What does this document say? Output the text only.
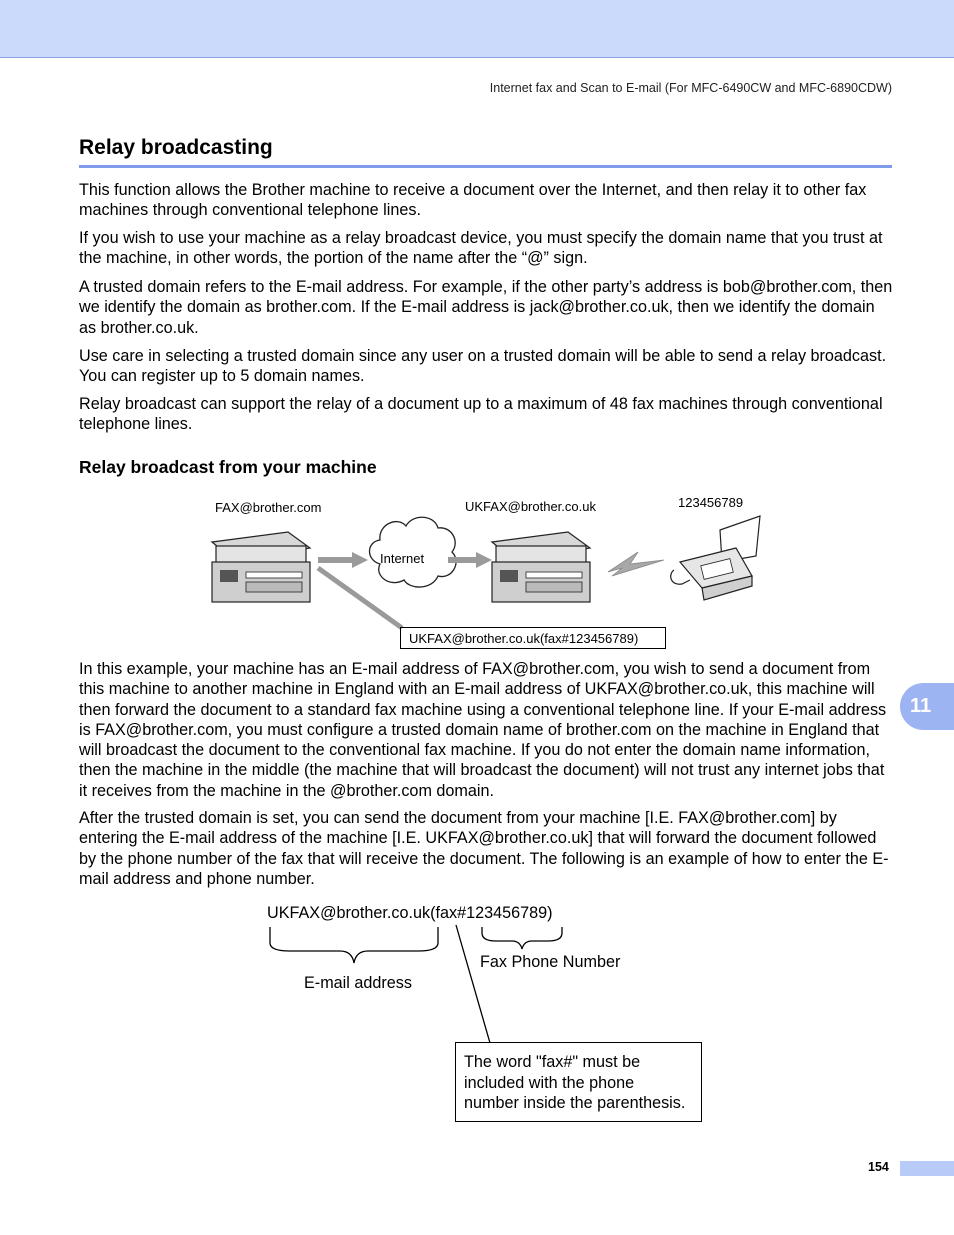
Internet fax and Scan to E-mail (For MFC-6490CW and MFC-6890CDW)
Relay broadcasting

This function allows the Brother machine to receive a document over the Internet, and then relay it to other fax machines through conventional telephone lines.

If you wish to use your machine as a relay broadcast device, you must specify the domain name that you trust at the machine, in other words, the portion of the name after the “@” sign.

A trusted domain refers to the E-mail address. For example, if the other party’s address is bob@brother.com, then we identify the domain as brother.com. If the E-mail address is jack@brother.co.uk, then we identify the domain as brother.co.uk.

Use care in selecting a trusted domain since any user on a trusted domain will be able to send a relay broadcast. You can register up to 5 domain names.

Relay broadcast can support the relay of a document up to a maximum of 48 fax machines through conventional telephone lines.

Relay broadcast from your machine
FAX@brother.com
Internet
UKFAX@brother.co.uk	123456789
UKFAX@brother.co.uk(fax#123456789)

In this example, your machine has an E-mail address of FAX@brother.com, you wish to send a document from this machine to another machine in England with an E-mail address of UKFAX@brother.co.uk, this machine will then forward the document to a standard fax machine using a conventional telephone line. If your E-mail address is FAX@brother.com, you must configure a trusted domain name of brother.com on the machine in England that will broadcast the document to the conventional fax machine. If you do not enter the domain name information, then the machine in the middle (the machine that will broadcast the document) will not trust any internet jobs that it receives from the machine in the @brother.com domain.

After the trusted domain is set, you can send the document from your machine [I.E. FAX@brother.com] by entering the E-mail address of the machine [I.E. UKFAX@brother.co.uk] that will forward the document followed by the phone number of the fax that will receive the document. The following is an example of how to enter the E-mail address and phone number.

UKFAX@brother.co.uk(fax#123456789)
E-mail address
Fax Phone Number
The word "fax#" must be included with the phone number inside the parenthesis.
11
154
